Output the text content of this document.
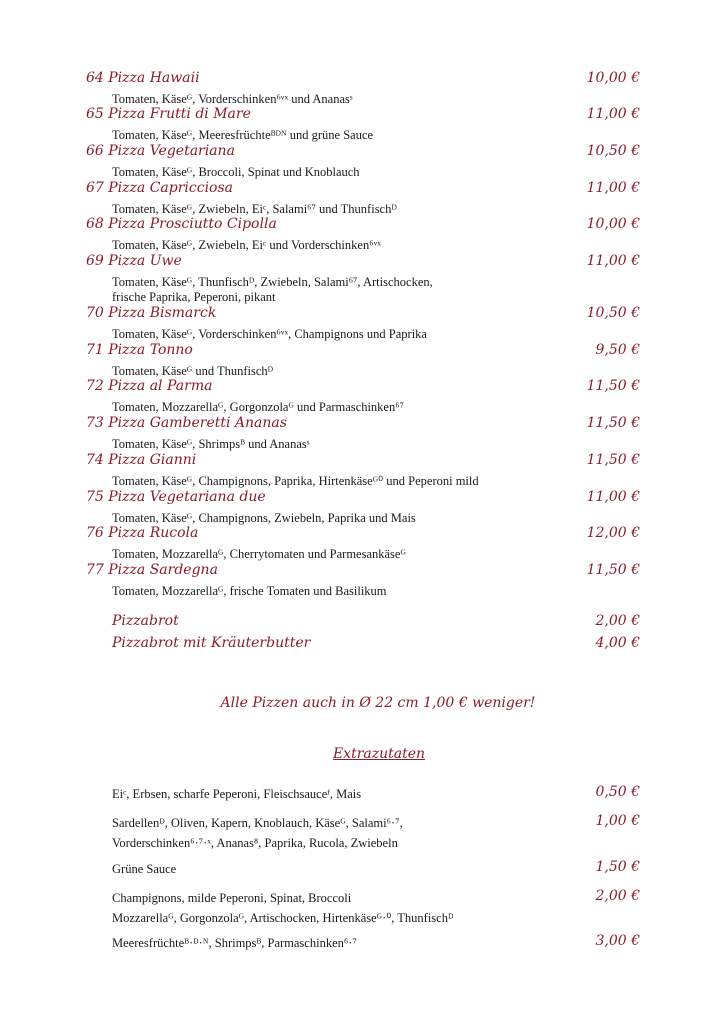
64 Pizza Hawaii	10,00 €
Tomaten, Käseᴳ, Vorderschinken⁶ᵛˣ und Ananasˢ
65 Pizza Frutti di Mare	11,00 €
Tomaten, Käseᴳ, Meeresfrüchteᴮᴰᴺ und grüne Sauce
66 Pizza Vegetariana	10,50 €
Tomaten, Käseᴳ, Broccoli, Spinat und Knoblauch
67 Pizza Capricciosa	11,00 €
Tomaten, Käseᴳ, Zwiebeln, Eiᶜ, Salami⁶⁷ und Thunfischᴰ
68 Pizza Prosciutto Cipolla	10,00 €
Tomaten, Käseᴳ, Zwiebeln, Eiᶜ und Vorderschinken⁶ᵛˣ
69 Pizza Uwe	11,00 €
Tomaten, Käseᴳ, Thunfischᴰ, Zwiebeln, Salami⁶⁷, Artischocken,
frische Paprika, Peperoni, pikant
70 Pizza Bismarck	10,50 €
Tomaten, Käseᴳ, Vorderschinken⁶ᵛˣ, Champignons und Paprika
71 Pizza Tonno	9,50 €
Tomaten, Käseᴳ und Thunfischᴰ
72 Pizza al Parma	11,50 €
Tomaten, Mozzarellaᴳ, Gorgonzolaᴳ und Parmaschinken⁶⁷
73 Pizza Gamberetti Ananas	11,50 €
Tomaten, Käseᴳ, Shrimpsᴮ und Ananasˢ
74 Pizza Gianni	11,50 €
Tomaten, Käseᴳ, Champignons, Paprika, Hirtenkäseᴳ⁰ und Peperoni mild
75 Pizza Vegetariana due	11,00 €
Tomaten, Käseᴳ, Champignons, Zwiebeln, Paprika und Mais
76 Pizza Rucola	12,00 €
Tomaten, Mozzarellaᴳ, Cherrytomaten und Parmesankäseᴳ
77 Pizza Sardegna	11,50 €
Tomaten, Mozzarellaᴳ, frische Tomaten und Basilikum
Pizzabrot	2,00 €
Pizzabrot mit Kräuterbutter	4,00 €
Alle Pizzen auch in Ø 22 cm 1,00 € weniger!
Extrazutaten
Eiᶜ, Erbsen, scharfe Peperoni, Fleischsauceᶠ, Mais	0,50 €
Sardellenᴰ, Oliven, Kapern, Knoblauch, Käseᴳ, Salami⁶·⁷,
Vorderschinken⁶·⁷·ˣ, Ananas⁸, Paprika, Rucola, Zwiebeln
1,00 €
Grüne Sauce	1,50 €
Champignons, milde Peperoni, Spinat, Broccoli
Mozzarellaᴳ, Gorgonzolaᴳ, Artischocken, Hirtenkäseᴳ·⁰, Thunfischᴰ
2,00 €
Meeresfrüchteᴮ·ᴰ·ᴺ, Shrimpsᴮ, Parmaschinken⁶·⁷	3,00 €
